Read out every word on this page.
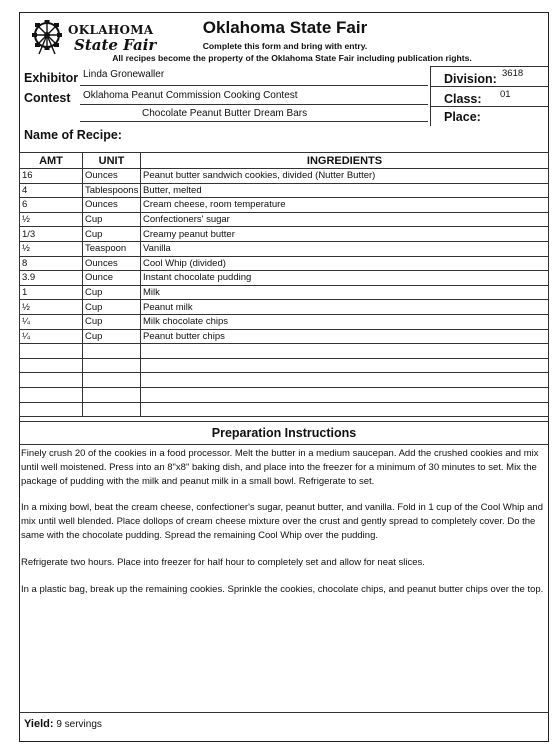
OKLAHOMA
State Fair
Oklahoma State Fair
Complete this form and bring with entry.
All recipes become the property of the Oklahoma State Fair including publication rights.
Exhibitor Linda Gronewaller
Contest Oklahoma Peanut Commission Cooking Contest
Chocolate Peanut Butter Dream Bars
Name of Recipe:
Division: 3618
Class: 01
Place:
AMT	UNIT	INGREDIENTS
16	Ounces	Peanut butter sandwich cookies, divided (Nutter Butter)
4	Tablespoons	Butter, melted
6	Ounces	Cream cheese, room temperature
½	Cup	Confectioners' sugar
1/3	Cup	Creamy peanut butter
½	Teaspoon	Vanilla
8	Ounces	Cool Whip (divided)
3.9	Ounce	Instant chocolate pudding
1	Cup	Milk
½	Cup	Peanut milk
¼	Cup	Milk chocolate chips
¼	Cup	Peanut butter chips

Preparation Instructions

Finely crush 20 of the cookies in a food processor. Melt the butter in a medium saucepan. Add the crushed cookies and mix until well moistened. Press into an 8"x8" baking dish, and place into the freezer for a minimum of 30 minutes to set. Mix the package of pudding with the milk and peanut milk in a small bowl. Refrigerate to set.

In a mixing bowl, beat the cream cheese, confectioner's sugar, peanut butter, and vanilla. Fold in 1 cup of the Cool Whip and mix until well blended. Place dollops of cream cheese mixture over the crust and gently spread to completely cover. Do the same with the chocolate pudding. Spread the remaining Cool Whip over the pudding.

Refrigerate two hours. Place into freezer for half hour to completely set and allow for neat slices.

In a plastic bag, break up the remaining cookies. Sprinkle the cookies, chocolate chips, and peanut butter chips over the top.

Yield: 9 servings
